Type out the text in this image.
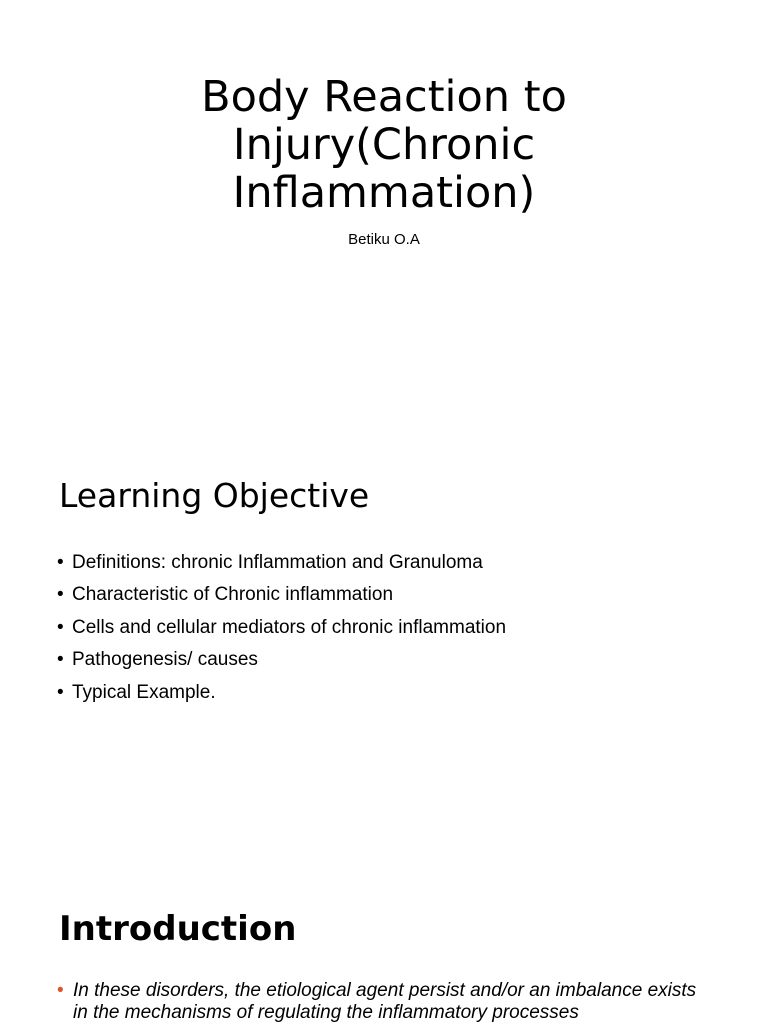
Body Reaction to
Injury(Chronic
Inflammation)

Betiku O.A

Learning Objective
• Definitions: chronic Inflammation and Granuloma
• Characteristic of Chronic inflammation
• Cells and cellular mediators of chronic inflammation
• Pathogenesis/ causes
• Typical Example.
Introduction

• In these disorders, the etiological agent persist and/or an imbalance exists in the mechanisms of regulating the inflammatory processes
